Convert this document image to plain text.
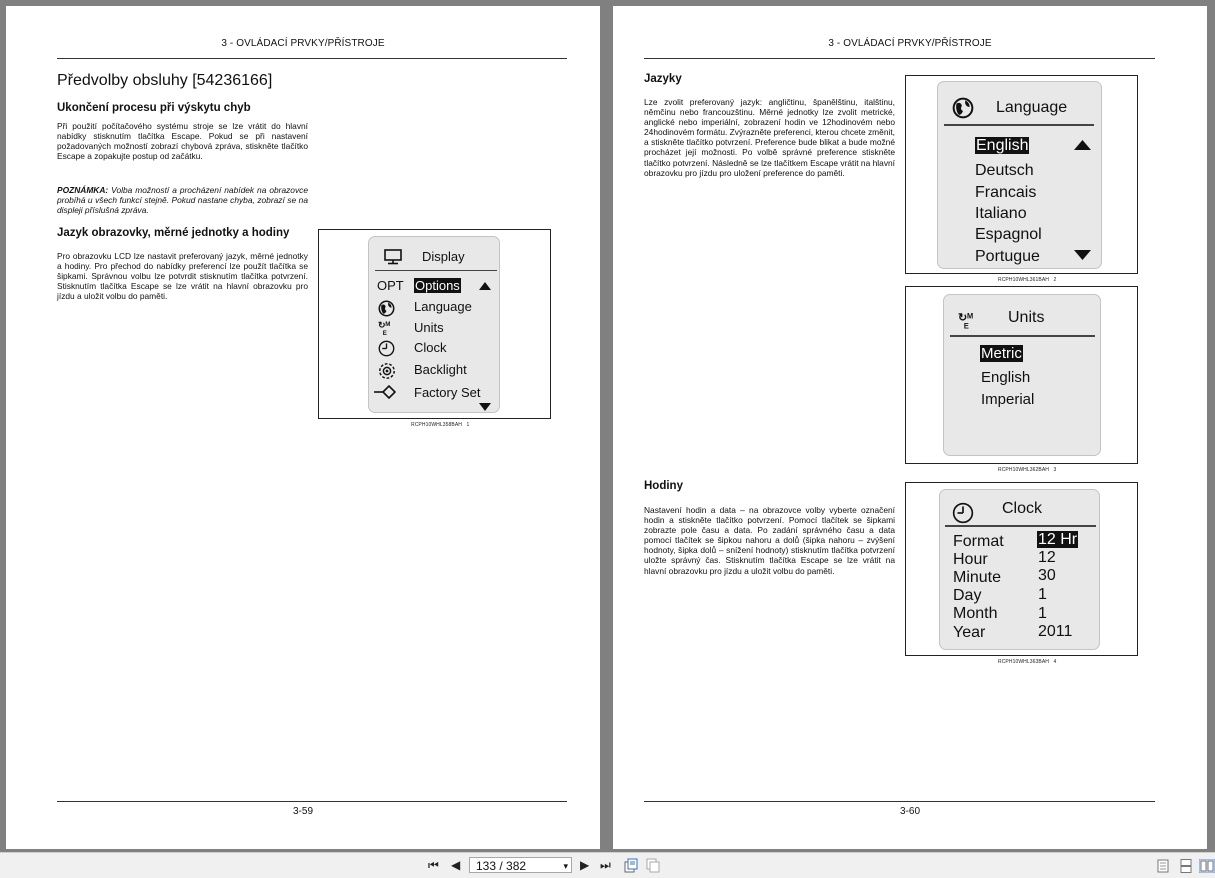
3 - OVLÁDACÍ PRVKY/PŘÍSTROJE
Předvolby obsluhy [54236166]
Ukončení procesu při výskytu chyb
Při použití počítačového systému stroje se lze vrátit do hlavní nabídky stisknutím tlačítka Escape. Pokud se při nastavení požadovaných možností zobrazí chybová zpráva, stiskněte tlačítko Escape a zopakujte postup od začátku.
POZNÁMKA: Volba možností a procházení nabídek na obrazovce probíhá u všech funkcí stejně. Pokud nastane chyba, zobrazí se na displeji příslušná zpráva.
Jazyk obrazovky, měrné jednotky a hodiny
Pro obrazovku LCD lze nastavit preferovaný jazyk, měrné jednotky a hodiny. Pro přechod do nabídky preferencí lze použít tlačítka se šipkami. Správnou volbu lze potvrdit stisknutím tlačítka potvrzení. Stisknutím tlačítka Escape se lze vrátit na hlavní obrazovku pro jízdu a uložit volbu do paměti.
Display
OPT Options
Language
↻ᴹ
ᴱ Units
Clock
Backlight
Factory Set
RCPH10WHL358BAH 1
3-59
3 - OVLÁDACÍ PRVKY/PŘÍSTROJE
Jazyky
Lze zvolit preferovaný jazyk: angličtinu, španělštinu, italštinu, němčinu nebo francouzštinu. Měrné jednotky lze zvolit metrické, anglické nebo imperiální, zobrazení hodin ve 12hodinovém nebo 24hodinovém formátu. Zvýrazněte preferenci, kterou chcete změnit, a stiskněte tlačítko potvrzení. Preference bude blikat a bude možné procházet její možnosti. Po volbě správné preference stiskněte tlačítko potvrzení. Následně se lze tlačítkem Escape vrátit na hlavní obrazovku pro jízdu pro uložení preference do paměti.
Language
English
Deutsch
Francais
Italiano
Espagnol
Portugue
RCPH10WHL361BAH 2
↻ᴹ
ᴱ
Units
Metric
English
Imperial
RCPH10WHL362BAH 3
Hodiny
Nastavení hodin a data – na obrazovce volby vyberte označení hodin a stiskněte tlačítko potvrzení. Pomocí tlačítek se šipkami zobrazte pole času a data. Po zadání správného času a data pomocí tlačítek se šipkou nahoru a dolů (šipka nahoru – zvýšení hodnoty, šipka dolů – snížení hodnoty) stisknutím tlačítka potvrzení uložte správný čas. Stisknutím tlačítka Escape se lze vrátit na hlavní obrazovku pro jízdu a uložit volbu do paměti.
Clock
Format 12 Hr
Hour	12
Minute 30
Day	1
Month	1
Year	2011
RCPH10WHL363BAH 4
3-60
⏮ ◀ 133 / 382	▾ ▶ ⏭
